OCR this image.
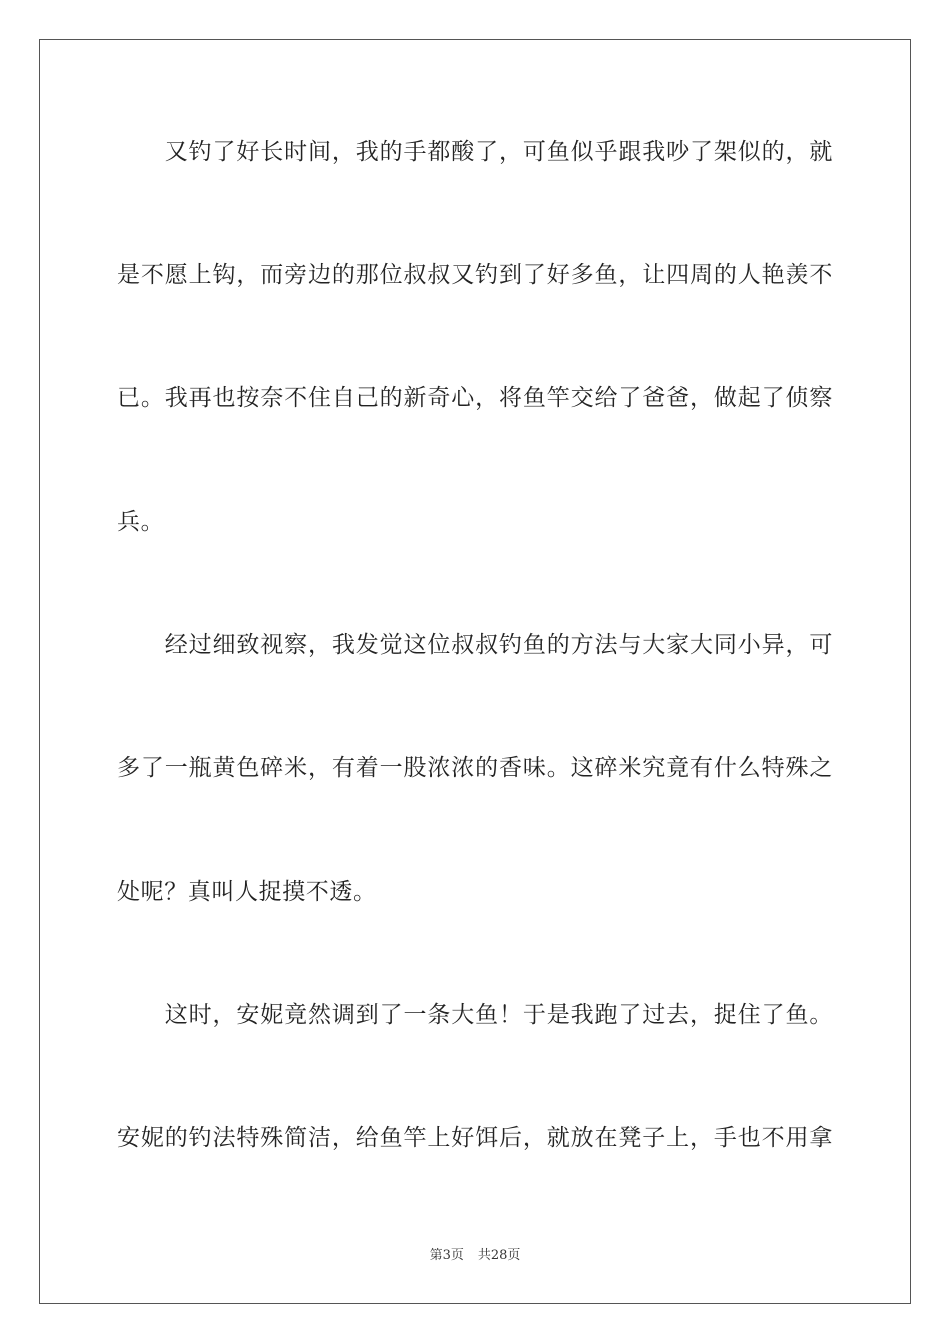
　　又钓了好长时间，我的手都酸了，可鱼似乎跟我吵了架似的，就
是不愿上钩，而旁边的那位叔叔又钓到了好多鱼，让四周的人艳羡不
已。我再也按奈不住自己的新奇心，将鱼竿交给了爸爸，做起了侦察
兵。
　　经过细致视察，我发觉这位叔叔钓鱼的方法与大家大同小异，可
多了一瓶黄色碎米，有着一股浓浓的香味。这碎米究竟有什么特殊之
处呢？真叫人捉摸不透。
　　这时，安妮竟然调到了一条大鱼！于是我跑了过去，捉住了鱼。
安妮的钓法特殊简洁，给鱼竿上好饵后，就放在凳子上，手也不用拿
第3页 共28页
